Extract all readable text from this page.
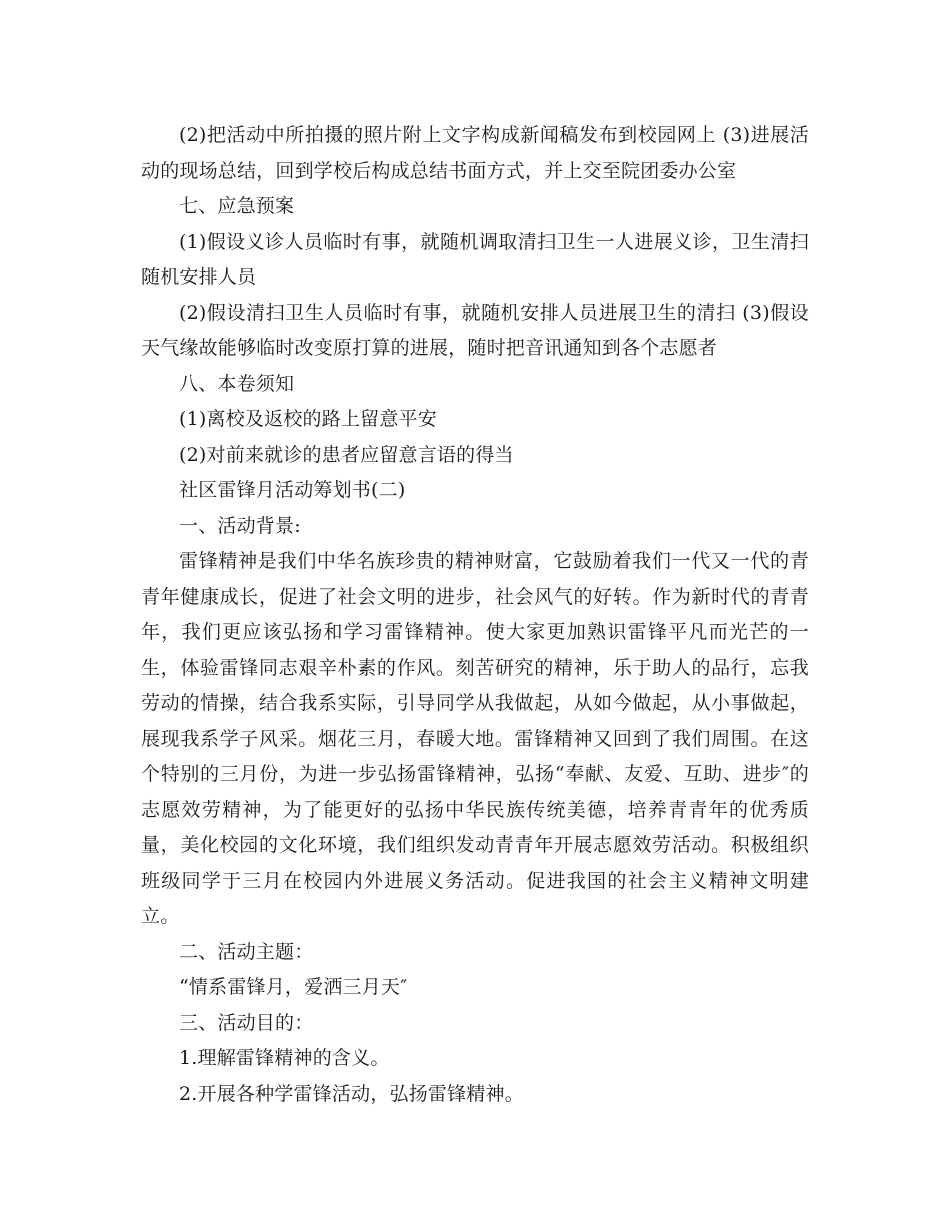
(2)把活动中所拍摄的照片附上文字构成新闻稿发布到校园网上 (3)进展活动的现场总结，回到学校后构成总结书面方式，并上交至院团委办公室

七、应急预案

(1)假设义诊人员临时有事，就随机调取清扫卫生一人进展义诊，卫生清扫随机安排人员

(2)假设清扫卫生人员临时有事，就随机安排人员进展卫生的清扫 (3)假设天气缘故能够临时改变原打算的进展，随时把音讯通知到各个志愿者

八、本卷须知

(1)离校及返校的路上留意平安

(2)对前来就诊的患者应留意言语的得当

社区雷锋月活动筹划书(二)

一、活动背景:

雷锋精神是我们中华名族珍贵的精神财富，它鼓励着我们一代又一代的青青年健康成长，促进了社会文明的进步，社会风气的好转。作为新时代的青青年，我们更应该弘扬和学习雷锋精神。使大家更加熟识雷锋平凡而光芒的一生，体验雷锋同志艰辛朴素的作风。刻苦研究的精神，乐于助人的品行，忘我劳动的情操，结合我系实际，引导同学从我做起，从如今做起，从小事做起，展现我系学子风采。烟花三月，春暖大地。雷锋精神又回到了我们周围。在这个特别的三月份，为进一步弘扬雷锋精神，弘扬“奉献、友爱、互助、进步″的志愿效劳精神，为了能更好的弘扬中华民族传统美德，培养青青年的优秀质量，美化校园的文化环境，我们组织发动青青年开展志愿效劳活动。积极组织班级同学于三月在校园内外进展义务活动。促进我国的社会主义精神文明建立。

二、活动主题：

“情系雷锋月，爱洒三月天″

三、活动目的：

1.理解雷锋精神的含义。

2.开展各种学雷锋活动，弘扬雷锋精神。
